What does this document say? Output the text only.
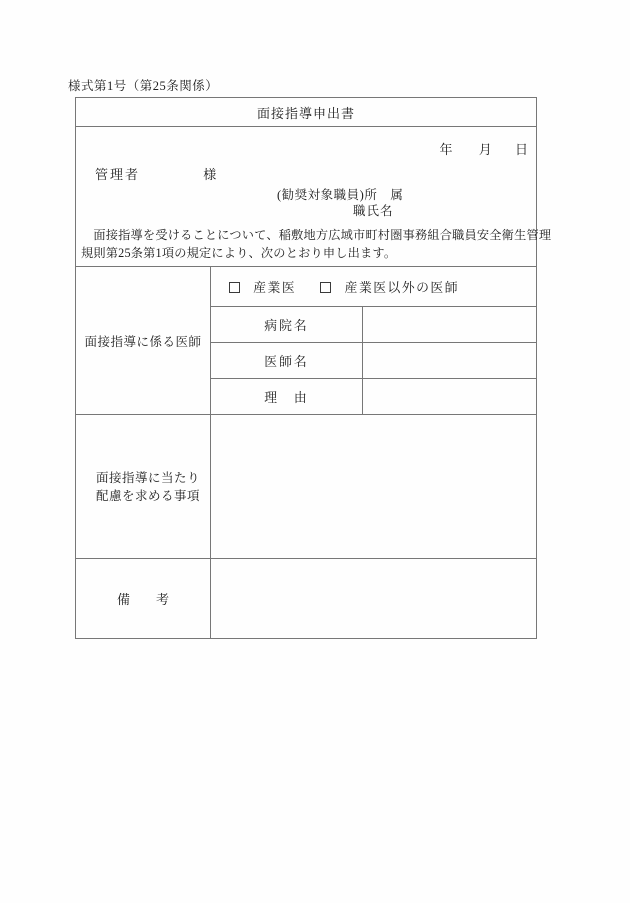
様式第1号（第25条関係）
面接指導申出書		

年 月 日
管理者	様
(勧奨対象職員)所　属
職氏名
　面接指導を受けることについて、稲敷地方広域市町村圏事務組合職員安全衛生管理
規則第25条第1項の規定により、次のとおり申し出ます。

面接指導に係る医師	産業医 産業医以外の医師	
	病院名	
	医師名	
	理　由	

面接指導に当たり
配慮を求める事項		

備　　考		
